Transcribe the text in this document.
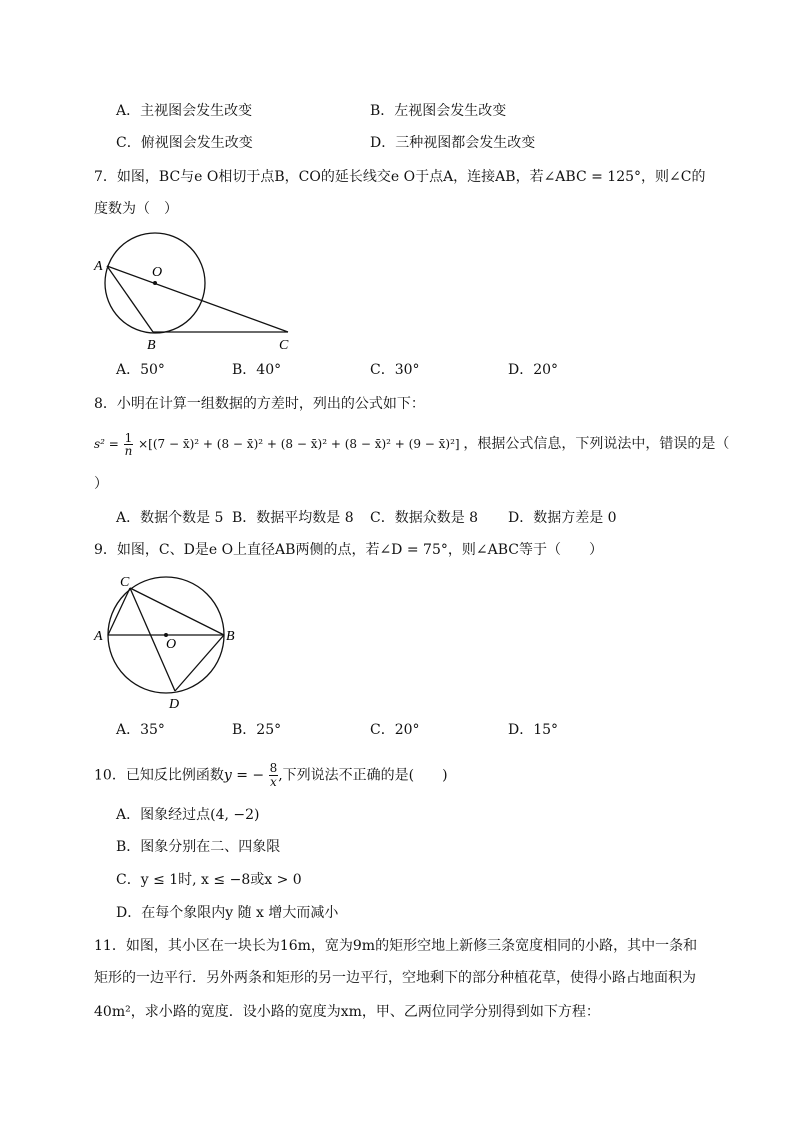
A．主视图会发生改变	B．左视图会发生改变
C．俯视图会发生改变	D．三种视图都会发生改变
7．如图，BC与e O相切于点B，CO的延长线交e O于点A，连接AB，若∠ABC = 125°，则∠C的
度数为（　）
A	O
B	C
A．50°	B．40°	C．30°	D．20°
8．小明在计算一组数据的方差时，列出的公式如下：
$s^2 = \frac{1}{n} \times[(7$ − x̄)² + (8 − x̄)² + (8 − x̄)² + (8 − x̄)² + (9 − x̄)²] ，根据公式信息，下列说法中，错误的是（
）
A．数据个数是 5 B．数据平均数是 8 C．数据众数是 8 D．数据方差是 0
9．如图，C、D是e O上直径AB两侧的点，若∠D = 75°，则∠ABC等于（　　）
C
A
O
B
D
A．35°	B．25°	C．20°	D．15°
10．已知反比例函数y = − $\frac{8}{x}$ ,下列说法不正确的是(　　)
A．图象经过点(4, −2)
B．图象分别在二、四象限
C．y ≤ 1时, x ≤ −8或x > 0
D．在每个象限内y 随 x 增大而减小
11．如图，其小区在一块长为16m，宽为9m的矩形空地上新修三条宽度相同的小路，其中一条和
矩形的一边平行．另外两条和矩形的另一边平行，空地剩下的部分种植花草，使得小路占地面积为
40m²，求小路的宽度．设小路的宽度为xm，甲、乙两位同学分别得到如下方程：
